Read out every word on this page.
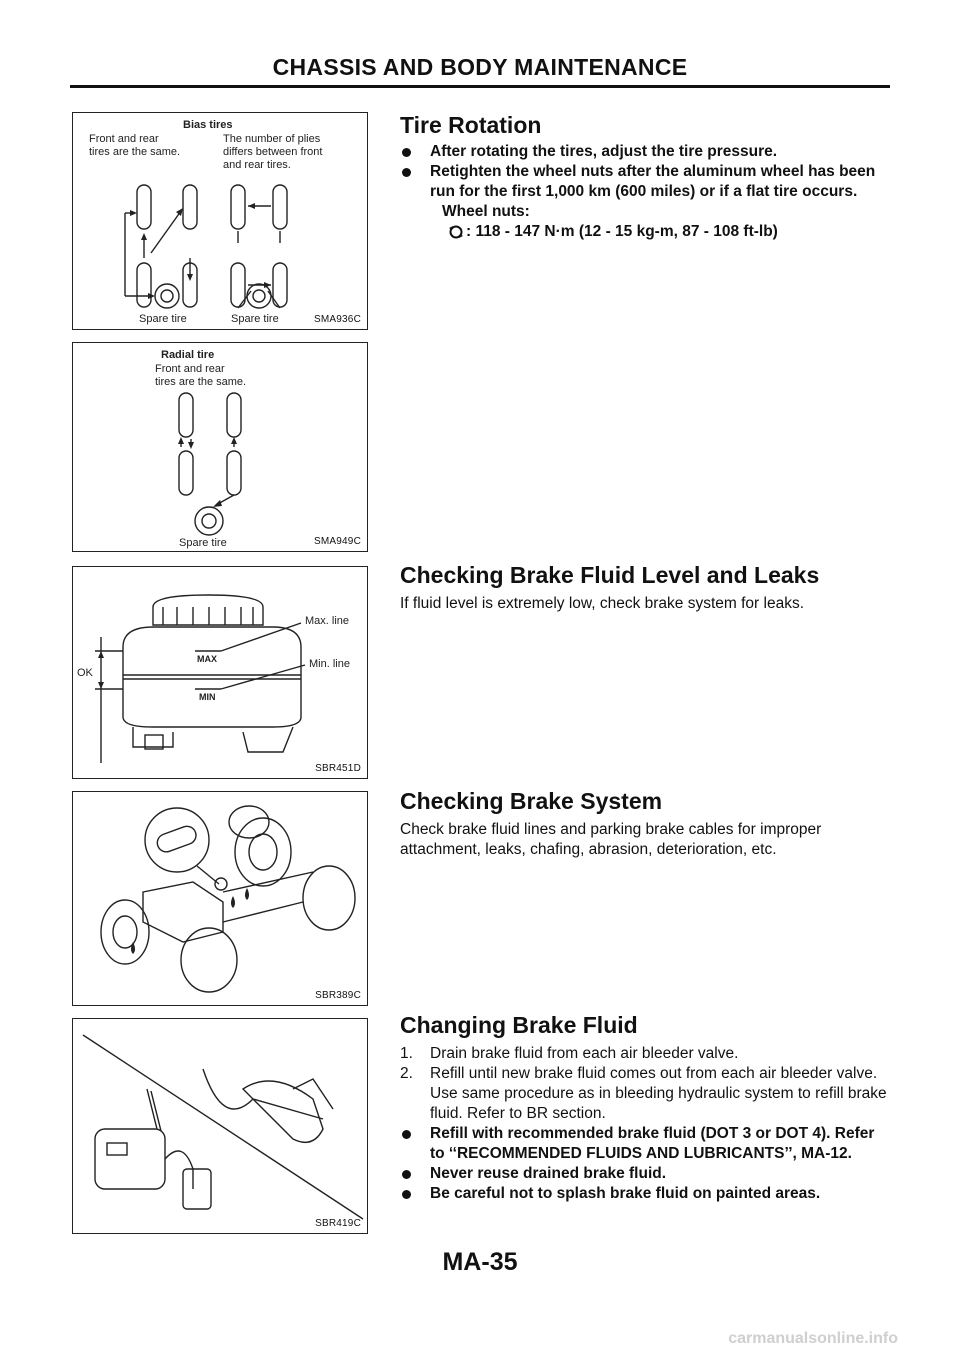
CHASSIS AND BODY MAINTENANCE
Bias tires
Front and rear
tires are the same.
The number of plies
differs between front
and rear tires.
Spare tire	Spare tire	SMA936C
Radial tire
Front and rear
tires are the same.
Spare tire	SMA949C
Max. line
Min. line
OK
MAX
MIN
SBR451D
SBR389C
SBR419C
Tire Rotation
After rotating the tires, adjust the tire pressure.
Retighten the wheel nuts after the aluminum wheel has been run for the first 1,000 km (600 miles) or if a flat tire occurs.
Wheel nuts:
: 118 - 147 N·m (12 - 15 kg-m, 87 - 108 ft-lb)
Checking Brake Fluid Level and Leaks
If fluid level is extremely low, check brake system for leaks.
Checking Brake System
Check brake fluid lines and parking brake cables for improper attachment, leaks, chafing, abrasion, deterioration, etc.
Changing Brake Fluid
1. Drain brake fluid from each air bleeder valve.
2. Refill until new brake fluid comes out from each air bleeder valve. Use same procedure as in bleeding hydraulic system to refill brake fluid. Refer to BR section.
Refill with recommended brake fluid (DOT 3 or DOT 4). Refer to ‘‘RECOMMENDED FLUIDS AND LUBRICANTS’’, MA-12.
Never reuse drained brake fluid.
Be careful not to splash brake fluid on painted areas.
MA-35
carmanualsonline.info
